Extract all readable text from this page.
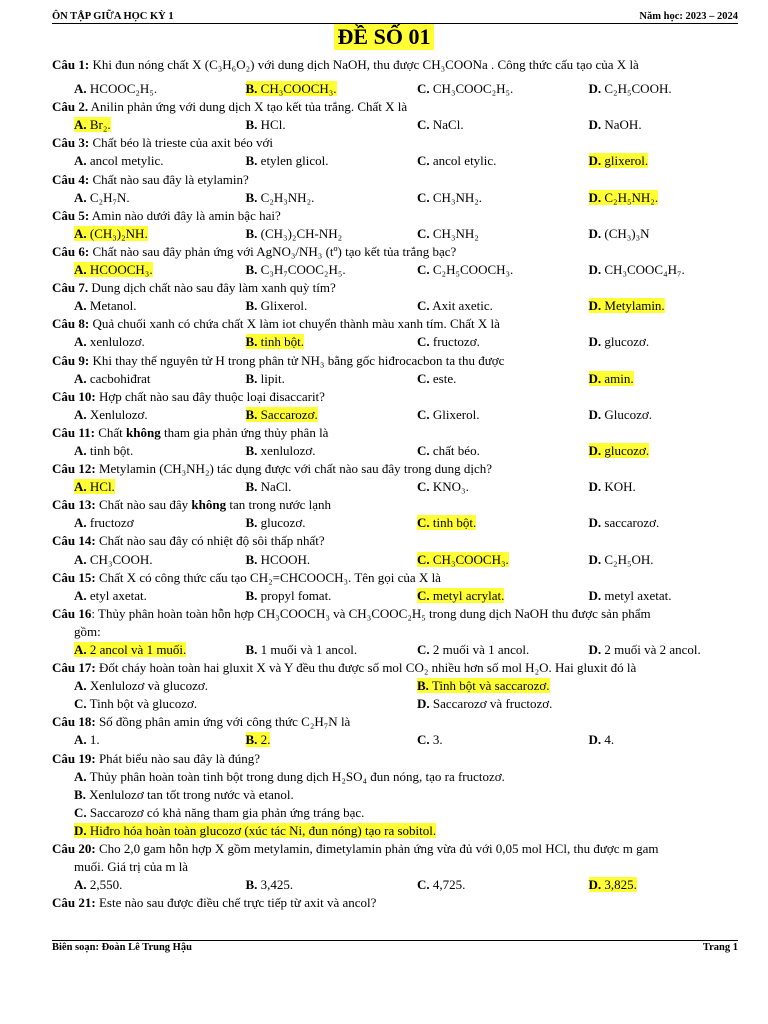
ÔN TẬP GIỮA HỌC KỲ 1	Năm học: 2023 – 2024
ĐỀ SỐ 01

Câu 1: Khi đun nóng chất X (C₃H₆O₂) với dung dịch NaOH, thu được CH₃COONa . Công thức cấu tạo của X là

A. HCOOC₂H₅.	B. CH₃COOCH₃.	C. CH₃COOC₂H₅.	D. C₂H₅COOH.

Câu 2. Anilin phản ứng với dung dịch X tạo kết tủa trắng. Chất X là

A. Br₂.	B. HCl.	C. NaCl.	D. NaOH.

Câu 3: Chất béo là trieste của axit béo với

A. ancol metylic.	B. etylen glicol.	C. ancol etylic.	D. glixerol.

Câu 4: Chất nào sau đây là etylamin?

A. C₂H₇N.	B. C₂H₃NH₂.	C. CH₃NH₂.	D. C₂H₅NH₂.

Câu 5: Amin nào dưới đây là amin bậc hai?

A. (CH₃)₂NH.	B. (CH₃)₂CH-NH₂	C. CH₃NH₂	D. (CH₃)₃N

Câu 6: Chất nào sau đây phản ứng với AgNO₃/NH₃ (tº) tạo kết tủa trắng bạc?

A. HCOOCH₃.	B. C₃H₇COOC₂H₅.	C. C₂H₅COOCH₃.	D. CH₃COOC₄H₇.

Câu 7. Dung dịch chất nào sau đây làm xanh quỳ tím?

A. Metanol.	B. Glixerol.	C. Axit axetic.	D. Metylamin.

Câu 8: Quả chuối xanh có chứa chất X làm iot chuyển thành màu xanh tím. Chất X là

A. xenlulozơ.	B. tinh bột.	C. fructozơ.	D. glucozơ.

Câu 9: Khi thay thế nguyên tử H trong phân tử NH₃ bằng gốc hiđrocacbon ta thu được

A. cacbohiđrat	B. lipit.	C. este.	D. amin.

Câu 10: Hợp chất nào sau đây thuộc loại đisaccarit?

A. Xenlulozơ.	B. Saccarozơ.	C. Glixerol.	D. Glucozơ.

Câu 11: Chất không tham gia phản ứng thủy phân là

A. tinh bột.	B. xenlulozơ.	C. chất béo.	D. glucozơ.

Câu 12: Metylamin (CH₃NH₂) tác dụng được với chất nào sau đây trong dung dịch?

A. HCl.	B. NaCl.	C. KNO₃.	D. KOH.

Câu 13: Chất nào sau đây không tan trong nước lạnh

A. fructozơ	B. glucozơ.	C. tinh bột.	D. saccarozơ.

Câu 14: Chất nào sau đây có nhiệt độ sôi thấp nhất?

A. CH₃COOH.	B. HCOOH.	C. CH₃COOCH₃.	D. C₂H₅OH.

Câu 15: Chất X có công thức cấu tạo CH₂=CHCOOCH₃. Tên gọi của X là

A. etyl axetat.	B. propyl fomat.	C. metyl acrylat.	D. metyl axetat.

Câu 16: Thủy phân hoàn toàn hỗn hợp CH₃COOCH₃ và CH₃COOC₂H₅ trong dung dịch NaOH thu được sản phẩm

gồm:

A. 2 ancol và 1 muối.	B. 1 muối và 1 ancol.	C. 2 muối và 1 ancol.	D. 2 muối và 2 ancol.

Câu 17: Đốt cháy hoàn toàn hai gluxit X và Y đều thu được số mol CO₂ nhiều hơn số mol H₂O. Hai gluxit đó là

A. Xenlulozơ và glucozơ.	B. Tinh bột và saccarozơ.
C. Tinh bột và glucozơ.	D. Saccarozơ và fructozơ.

Câu 18: Số đồng phân amin ứng với công thức C₂H₇N là

A. 1.	B. 2.	C. 3.	D. 4.

Câu 19: Phát biểu nào sau đây là đúng?

A. Thủy phân hoàn toàn tinh bột trong dung dịch H₂SO₄ đun nóng, tạo ra fructozơ.
B. Xenlulozơ tan tốt trong nước và etanol.
C. Saccarozơ có khả năng tham gia phản ứng tráng bạc.
D. Hiđro hóa hoàn toàn glucozơ (xúc tác Ni, đun nóng) tạo ra sobitol.

Câu 20: Cho 2,0 gam hỗn hợp X gồm metylamin, đimetylamin phản ứng vừa đủ với 0,05 mol HCl, thu được m gam

muối. Giá trị của m là

A. 2,550.	B. 3,425.	C. 4,725.	D. 3,825.

Câu 21: Este nào sau được điều chế trực tiếp từ axit và ancol?

Biên soạn: Đoàn Lê Trung Hậu	Trang 1
